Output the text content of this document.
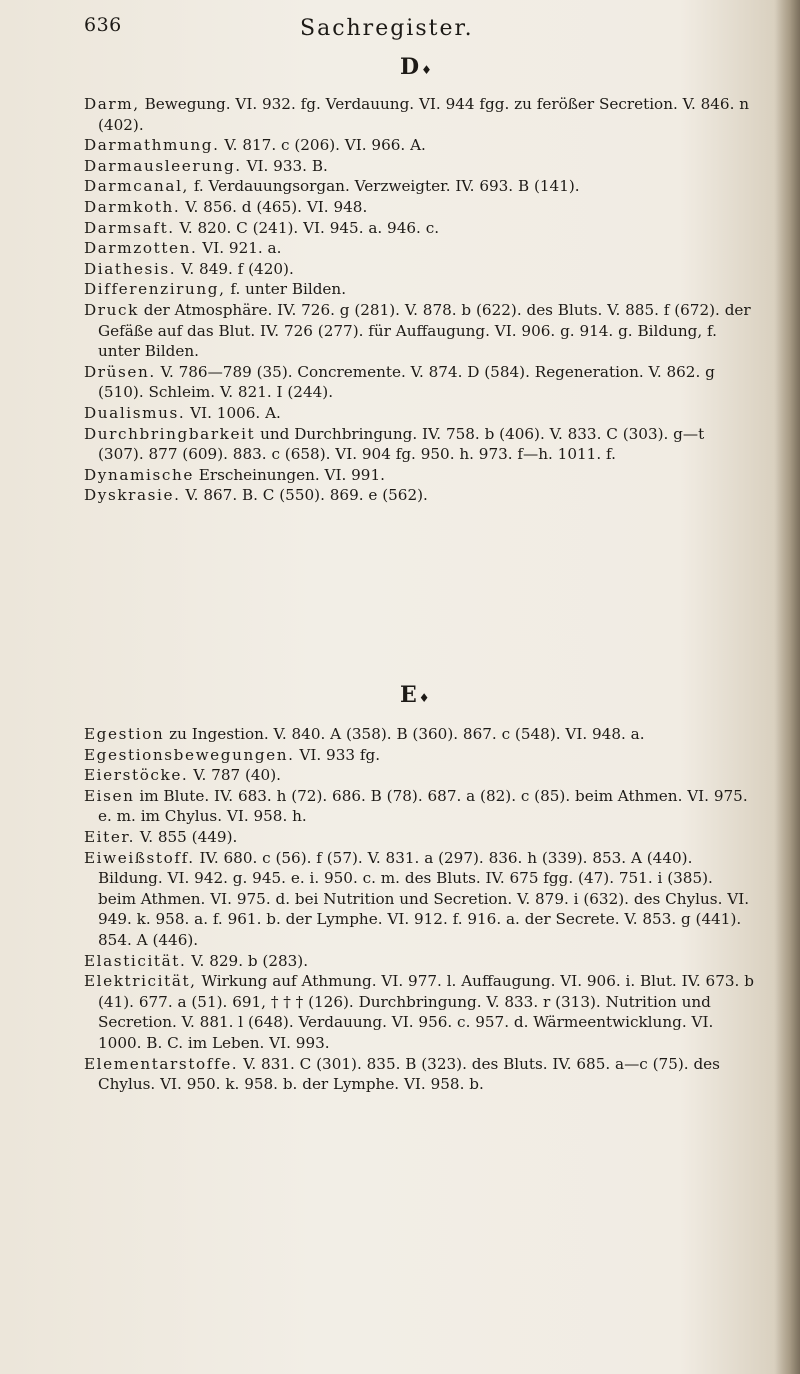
636	Sachregister.
D ♦

Darm, Bewegung. VI. 932. fg. Verdauung. VI. 944 fgg. zu ferößer Secretion. V. 846. n (402).

Darmathmung. V. 817. c (206). VI. 966. A.

Darmausleerung. VI. 933. B.

Darmcanal, f. Verdauungsorgan. Verzweigter. IV. 693. B (141).

Darmkoth. V. 856. d (465). VI. 948.

Darmsaft. V. 820. C (241). VI. 945. a. 946. c.

Darmzotten. VI. 921. a.

Diathesis. V. 849. f (420).

Differenzirung, f. unter Bilden.

Druck der Atmosphäre. IV. 726. g (281). V. 878. b (622). des Bluts. V. 885. f (672). der Gefäße auf das Blut. IV. 726 (277). für Auffaugung. VI. 906. g. 914. g. Bildung, f. unter Bilden.

Drüsen. V. 786—789 (35). Concremente. V. 874. D (584). Regeneration. V. 862. g (510). Schleim. V. 821. I (244).

Dualismus. VI. 1006. A.

Durchbringbarkeit und Durchbringung. IV. 758. b (406). V. 833. C (303). g—t (307). 877 (609). 883. c (658). VI. 904 fg. 950. h. 973. f—h. 1011. f.

Dynamische Erscheinungen. VI. 991.

Dyskrasie. V. 867. B. C (550). 869. e (562).

E ♦

Egestion zu Ingestion. V. 840. A (358). B (360). 867. c (548). VI. 948. a.

Egestionsbewegungen. VI. 933 fg.

Eierstöcke. V. 787 (40).

Eisen im Blute. IV. 683. h (72). 686. B (78). 687. a (82). c (85). beim Athmen. VI. 975. e. m. im Chylus. VI. 958. h.

Eiter. V. 855 (449).

Eiweißstoff. IV. 680. c (56). f (57). V. 831. a (297). 836. h (339). 853. A (440). Bildung. VI. 942. g. 945. e. i. 950. c. m. des Bluts. IV. 675 fgg. (47). 751. i (385). beim Athmen. VI. 975. d. bei Nutrition und Secretion. V. 879. i (632). des Chylus. VI. 949. k. 958. a. f. 961. b. der Lymphe. VI. 912. f. 916. a. der Secrete. V. 853. g (441). 854. A (446).

Elasticität. V. 829. b (283).

Elektricität, Wirkung auf Athmung. VI. 977. l. Auffaugung. VI. 906. i. Blut. IV. 673. b (41). 677. a (51). 691, † † † (126). Durchbringung. V. 833. r (313). Nutrition und Secretion. V. 881. l (648). Verdauung. VI. 956. c. 957. d. Wärmeentwicklung. VI. 1000. B. C. im Leben. VI. 993.

Elementarstoffe. V. 831. C (301). 835. B (323). des Bluts. IV. 685. a—c (75). des Chylus. VI. 950. k. 958. b. der Lymphe. VI. 958. b.
